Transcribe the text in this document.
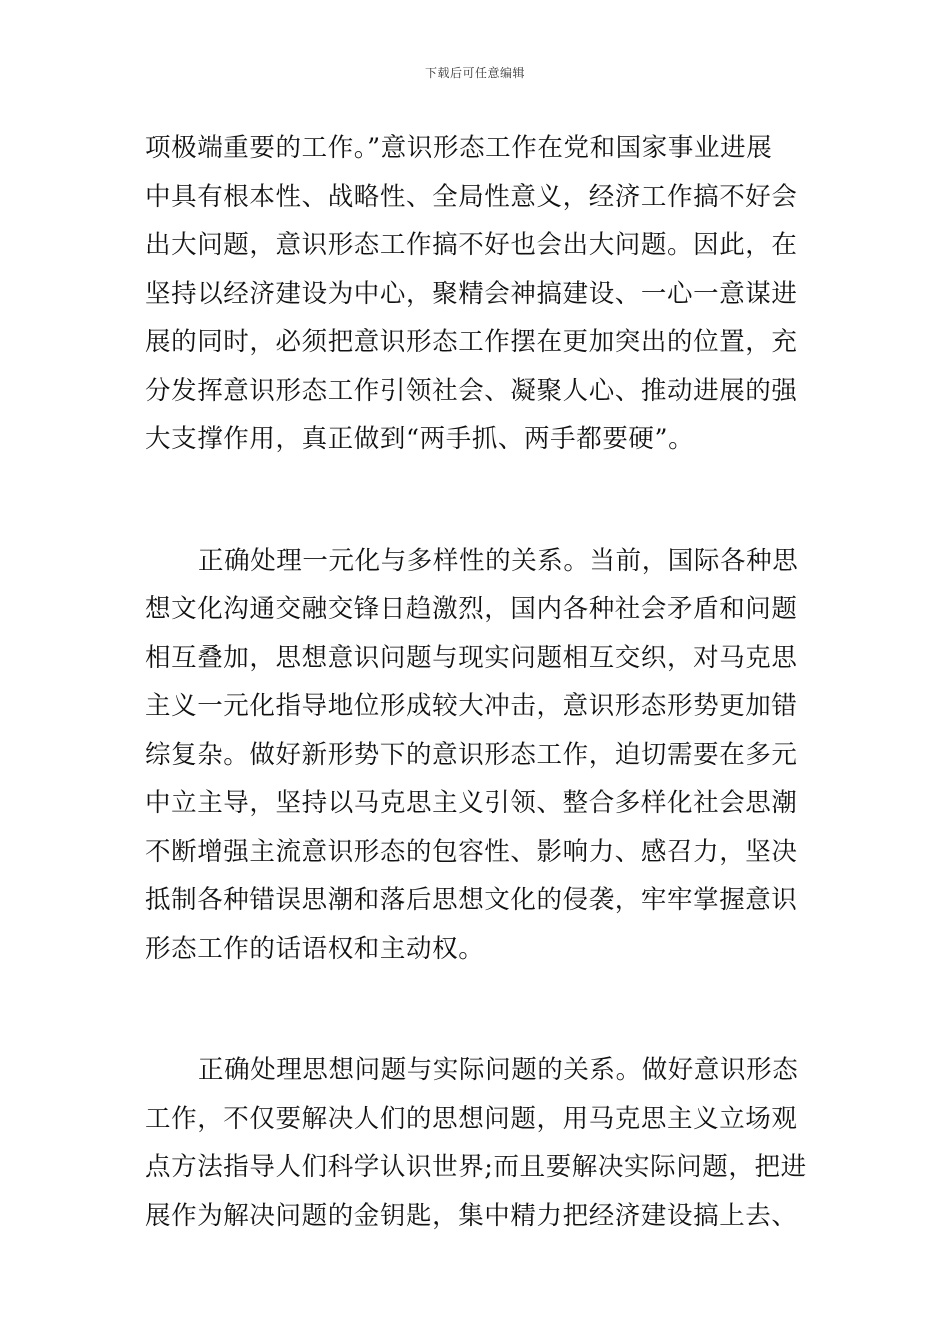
下载后可任意编辑
项极端重要的工作。”意识形态工作在党和国家事业进展
中具有根本性、战略性、全局性意义，经济工作搞不好会
出大问题，意识形态工作搞不好也会出大问题。因此，在
坚持以经济建设为中心，聚精会神搞建设、一心一意谋进
展的同时，必须把意识形态工作摆在更加突出的位置，充
分发挥意识形态工作引领社会、凝聚人心、推动进展的强
大支撑作用，真正做到“两手抓、两手都要硬”。
正确处理一元化与多样性的关系。当前，国际各种思
想文化沟通交融交锋日趋激烈，国内各种社会矛盾和问题
相互叠加，思想意识问题与现实问题相互交织，对马克思
主义一元化指导地位形成较大冲击，意识形态形势更加错
综复杂。做好新形势下的意识形态工作，迫切需要在多元
中立主导，坚持以马克思主义引领、整合多样化社会思潮
不断增强主流意识形态的包容性、影响力、感召力，坚决
抵制各种错误思潮和落后思想文化的侵袭，牢牢掌握意识
形态工作的话语权和主动权。
正确处理思想问题与实际问题的关系。做好意识形态
工作，不仅要解决人们的思想问题，用马克思主义立场观
点方法指导人们科学认识世界;而且要解决实际问题，把进
展作为解决问题的金钥匙，集中精力把经济建设搞上去、
